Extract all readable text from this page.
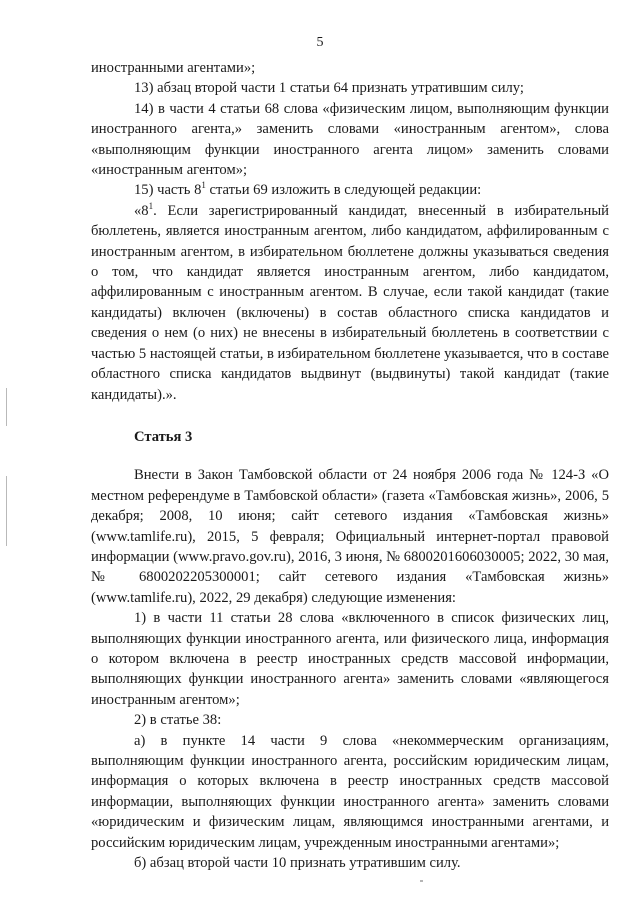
5

иностранными агентами»;

13) абзац второй части 1 статьи 64 признать утратившим силу;

14) в части 4 статьи 68 слова «физическим лицом, выполняющим функции иностранного агента,» заменить словами «иностранным агентом», слова «выполняющим функции иностранного агента лицом» заменить словами «иностранным агентом»;

15) часть $8^1$ статьи 69 изложить в следующей редакции:

«$8^1$. Если зарегистрированный кандидат, внесенный в избирательный бюллетень, является иностранным агентом, либо кандидатом, аффилированным с иностранным агентом, в избирательном бюллетене должны указываться сведения о том, что кандидат является иностранным агентом, либо кандидатом, аффилированным с иностранным агентом. В случае, если такой кандидат (такие кандидаты) включен (включены) в состав областного списка кандидатов и сведения о нем (о них) не внесены в избирательный бюллетень в соответствии с частью 5 настоящей статьи, в избирательном бюллетене указывается, что в составе областного списка кандидатов выдвинут (выдвинуты) такой кандидат (такие кандидаты).».

Статья 3

Внести в Закон Тамбовской области от 24 ноября 2006 года № 124-З «О местном референдуме в Тамбовской области» (газета «Тамбовская жизнь», 2006, 5 декабря; 2008, 10 июня; сайт сетевого издания «Тамбовская жизнь» (www.tamlife.ru), 2015, 5 февраля; Официальный интернет-портал правовой информации (www.pravo.gov.ru), 2016, 3 июня, № 6800201606030005; 2022, 30 мая, № 6800202205300001; сайт сетевого издания «Тамбовская жизнь» (www.tamlife.ru), 2022, 29 декабря) следующие изменения:

1) в части 11 статьи 28 слова «включенного в список физических лиц, выполняющих функции иностранного агента, или физического лица, информация о котором включена в реестр иностранных средств массовой информации, выполняющих функции иностранного агента» заменить словами «являющегося иностранным агентом»;

2) в статье 38:

а) в пункте 14 части 9 слова «некоммерческим организациям, выполняющим функции иностранного агента, российским юридическим лицам, информация о которых включена в реестр иностранных средств массовой информации, выполняющих функции иностранного агента» заменить словами «юридическим и физическим лицам, являющимся иностранными агентами, и российским юридическим лицам, учрежденным иностранными агентами»;

б) абзац второй части 10 признать утратившим силу.
